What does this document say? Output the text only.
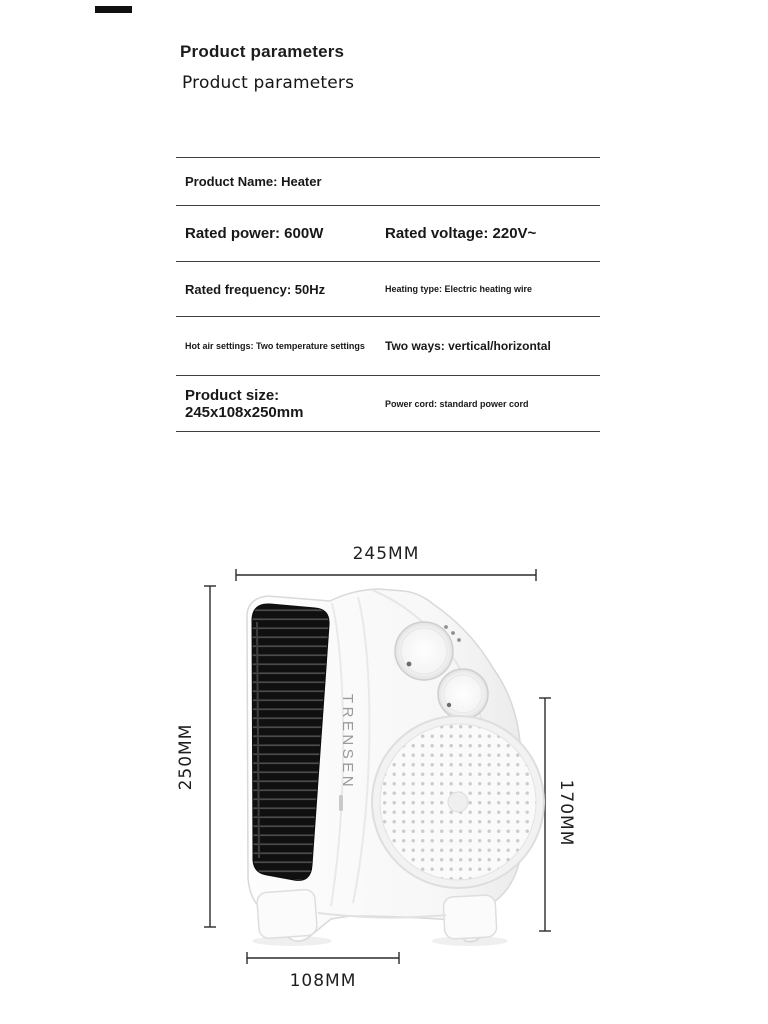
Product parameters
Product parameters
Product Name: Heater
Rated power: 600W	Rated voltage: 220V~
Rated frequency: 50Hz	Heating type: Electric heating wire
Hot air settings: Two temperature settings	Two ways: vertical/horizontal
Product size: 245x108x250mm	Power cord: standard power cord
TRENSEN
245MM
250MM
170MM
108MM
